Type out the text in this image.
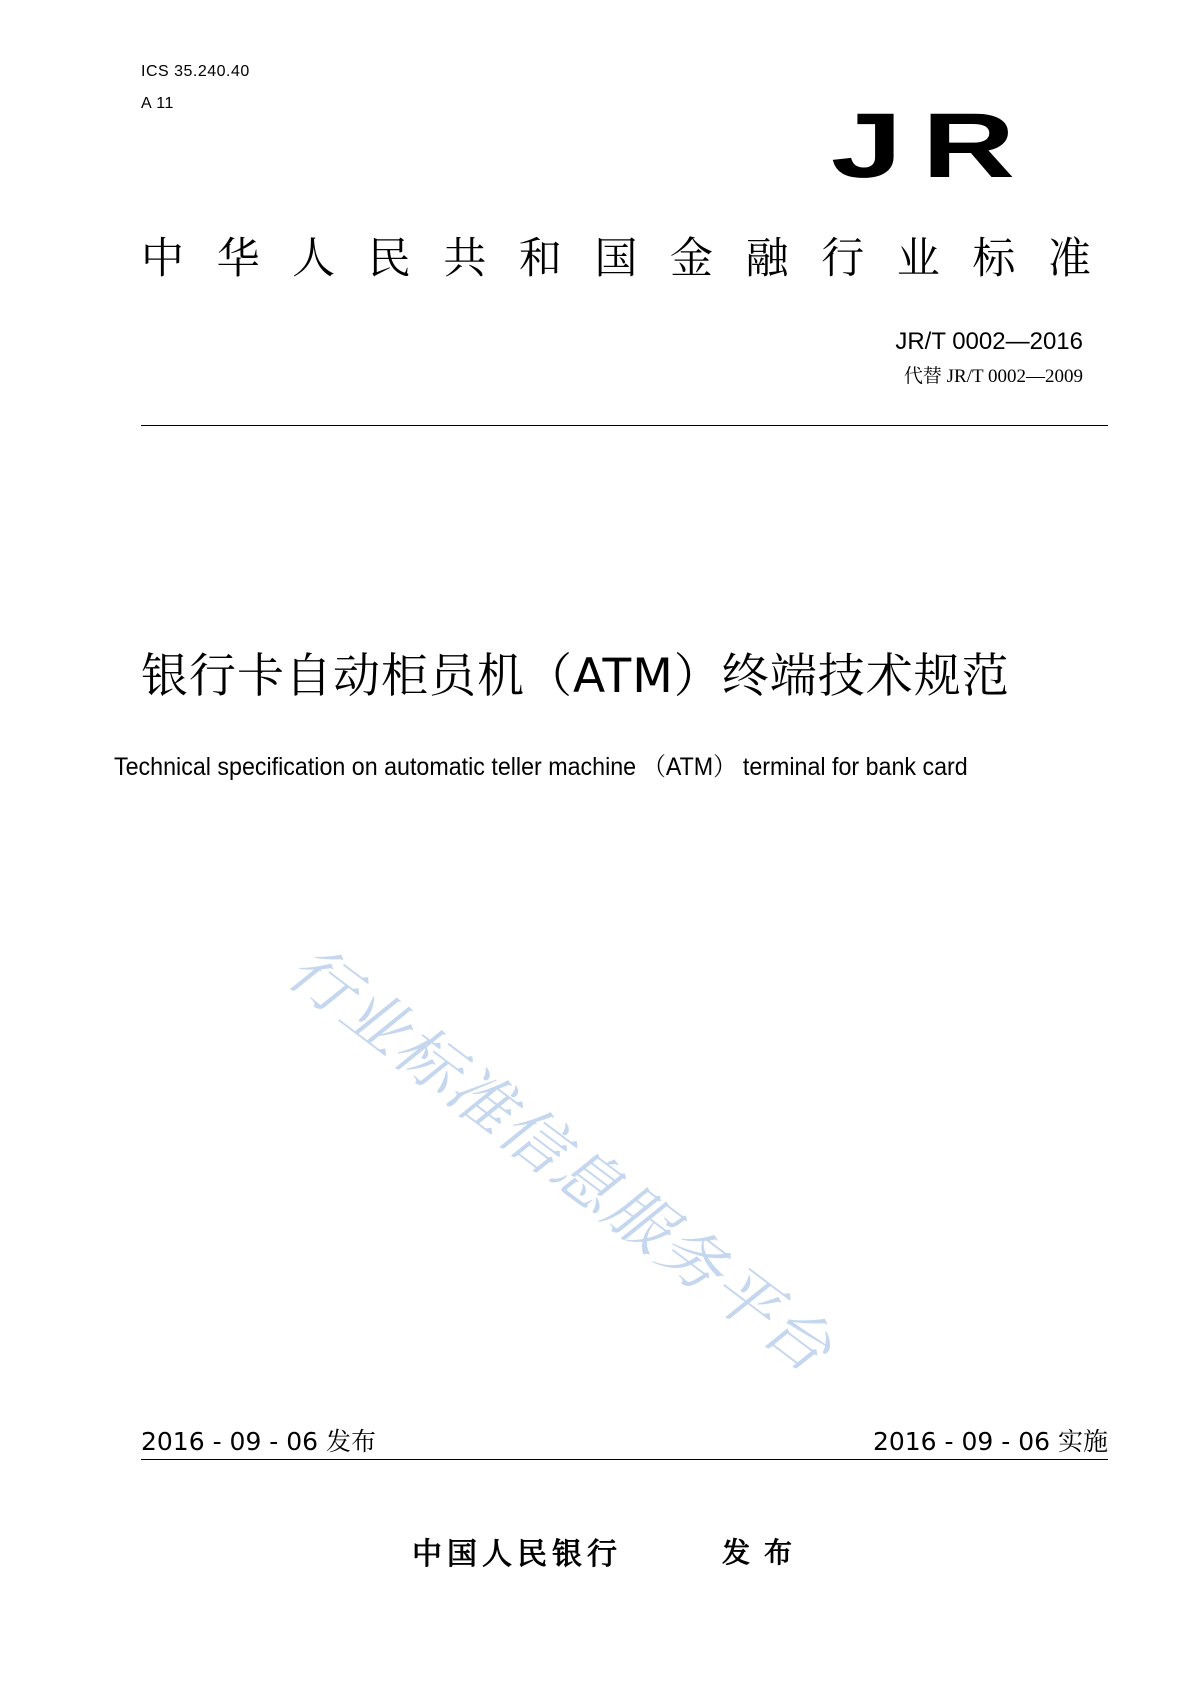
ICS 35.240.40
A 11	JR
中 华 人 民 共 和 国 金 融 行 业 标 准
JR/T 0002—2016
代替 JR/T 0002—2009
银行卡自动柜员机（ATM）终端技术规范
Technical specification on automatic teller machine （ATM） terminal for bank card
行业标准信息服务平台
2016 - 09 - 06 发布	2016 - 09 - 06 实施
中国人民银行	发布
